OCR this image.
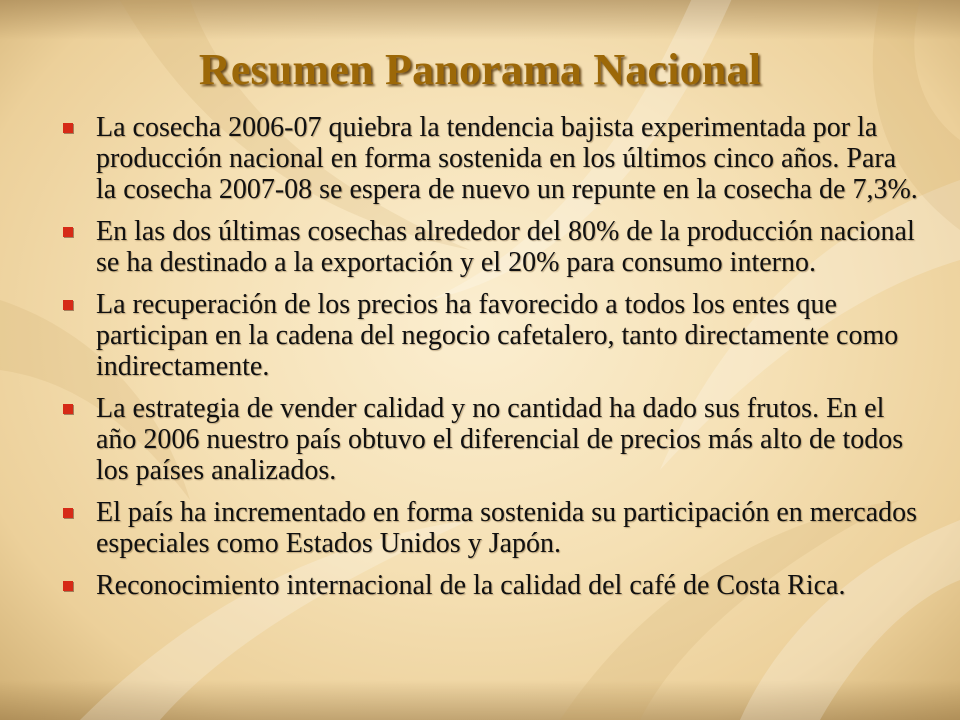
Resumen Panorama Nacional
La cosecha 2006-07 quiebra la tendencia bajista experimentada por la producción nacional en forma sostenida en los últimos cinco años. Para la cosecha 2007-08 se espera de nuevo un repunte en la cosecha de 7,3%.
En las dos últimas cosechas alrededor del 80% de la producción nacional se ha destinado a la exportación y el 20% para consumo interno.
La recuperación de los precios ha favorecido a todos los entes que participan en la cadena del negocio cafetalero, tanto directamente como indirectamente.
La estrategia de vender calidad y no cantidad ha dado sus frutos. En el año 2006 nuestro país obtuvo el diferencial de precios más alto de todos los países analizados.
El país ha incrementado en forma sostenida su participación en mercados especiales como Estados Unidos y Japón.
Reconocimiento internacional de la calidad del café de Costa Rica.
